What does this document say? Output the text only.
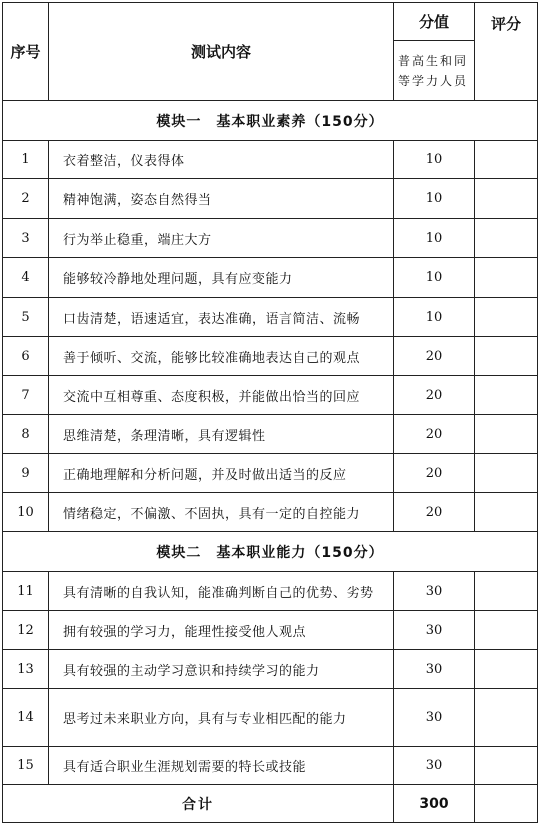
序号	测试内容	分值	评分
		普高生和同等学力人员	
模块一　基本职业素养（150分）			
1	衣着整洁，仪表得体	10	
2	精神饱满，姿态自然得当	10	
3	行为举止稳重，端庄大方	10	
4	能够较冷静地处理问题，具有应变能力	10	
5	口齿清楚，语速适宜，表达准确，语言简洁、流畅	10	
6	善于倾听、交流，能够比较准确地表达自己的观点	20	
7	交流中互相尊重、态度积极，并能做出恰当的回应	20	
8	思维清楚，条理清晰，具有逻辑性	20	
9	正确地理解和分析问题，并及时做出适当的反应	20	
10	情绪稳定，不偏激、不固执，具有一定的自控能力	20	
模块二　基本职业能力（150分）			
11	具有清晰的自我认知，能准确判断自己的优势、劣势	30	
12	拥有较强的学习力，能理性接受他人观点	30	
13	具有较强的主动学习意识和持续学习的能力	30	
14	思考过未来职业方向，具有与专业相匹配的能力	30	
15	具有适合职业生涯规划需要的特长或技能	30	
合计		300	
